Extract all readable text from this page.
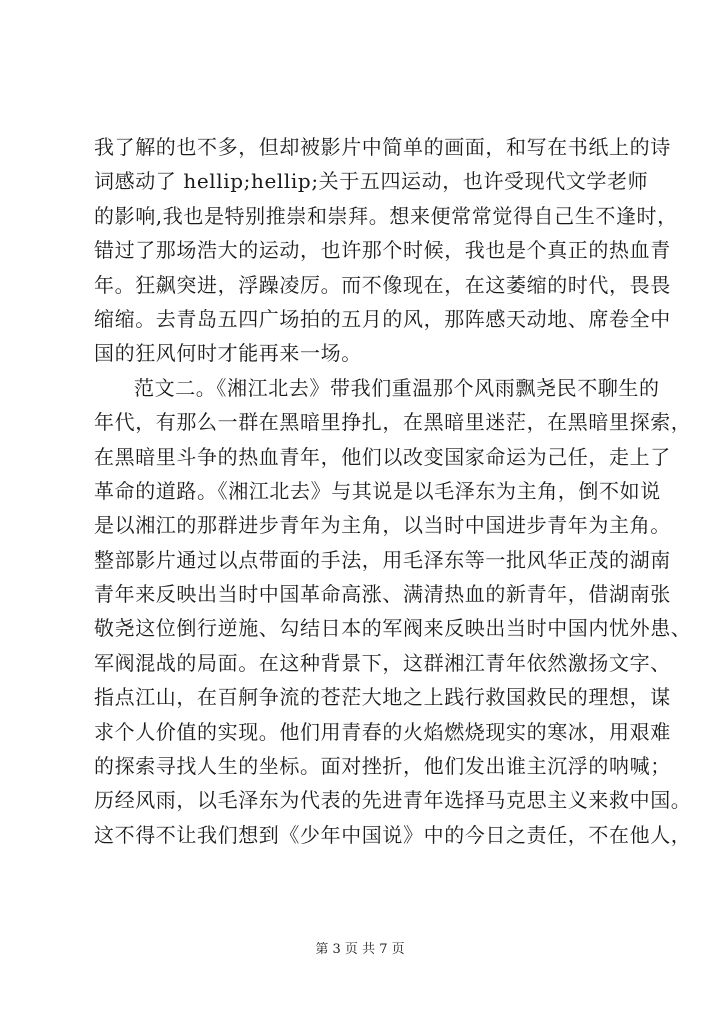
我了解的也不多，但却被影片中简单的画面，和写在书纸上的诗
词感动了 hellip;hellip;关于五四运动，也许受现代文学老师
的影响,我也是特别推崇和崇拜。想来便常常觉得自己生不逢时，
错过了那场浩大的运动，也许那个时候，我也是个真正的热血青
年。狂飙突进，浮躁凌厉。而不像现在，在这萎缩的时代，畏畏
缩缩。去青岛五四广场拍的五月的风，那阵感天动地、席卷全中
国的狂风何时才能再来一场。
范文二。《湘江北去》带我们重温那个风雨飘尧民不聊生的
年代，有那么一群在黑暗里挣扎，在黑暗里迷茫，在黑暗里探索，
在黑暗里斗争的热血青年，他们以改变国家命运为己任，走上了
革命的道路。《湘江北去》与其说是以毛泽东为主角，倒不如说
是以湘江的那群进步青年为主角，以当时中国进步青年为主角。
整部影片通过以点带面的手法，用毛泽东等一批风华正茂的湖南
青年来反映出当时中国革命高涨、满清热血的新青年，借湖南张
敬尧这位倒行逆施、勾结日本的军阀来反映出当时中国内忧外患、
军阀混战的局面。在这种背景下，这群湘江青年依然激扬文字、
指点江山，在百舸争流的苍茫大地之上践行救国救民的理想，谋
求个人价值的实现。他们用青春的火焰燃烧现实的寒冰，用艰难
的探索寻找人生的坐标。面对挫折，他们发出谁主沉浮的呐喊；
历经风雨，以毛泽东为代表的先进青年选择马克思主义来救中国。
这不得不让我们想到《少年中国说》中的今日之责任，不在他人，
第 3 页 共 7 页
